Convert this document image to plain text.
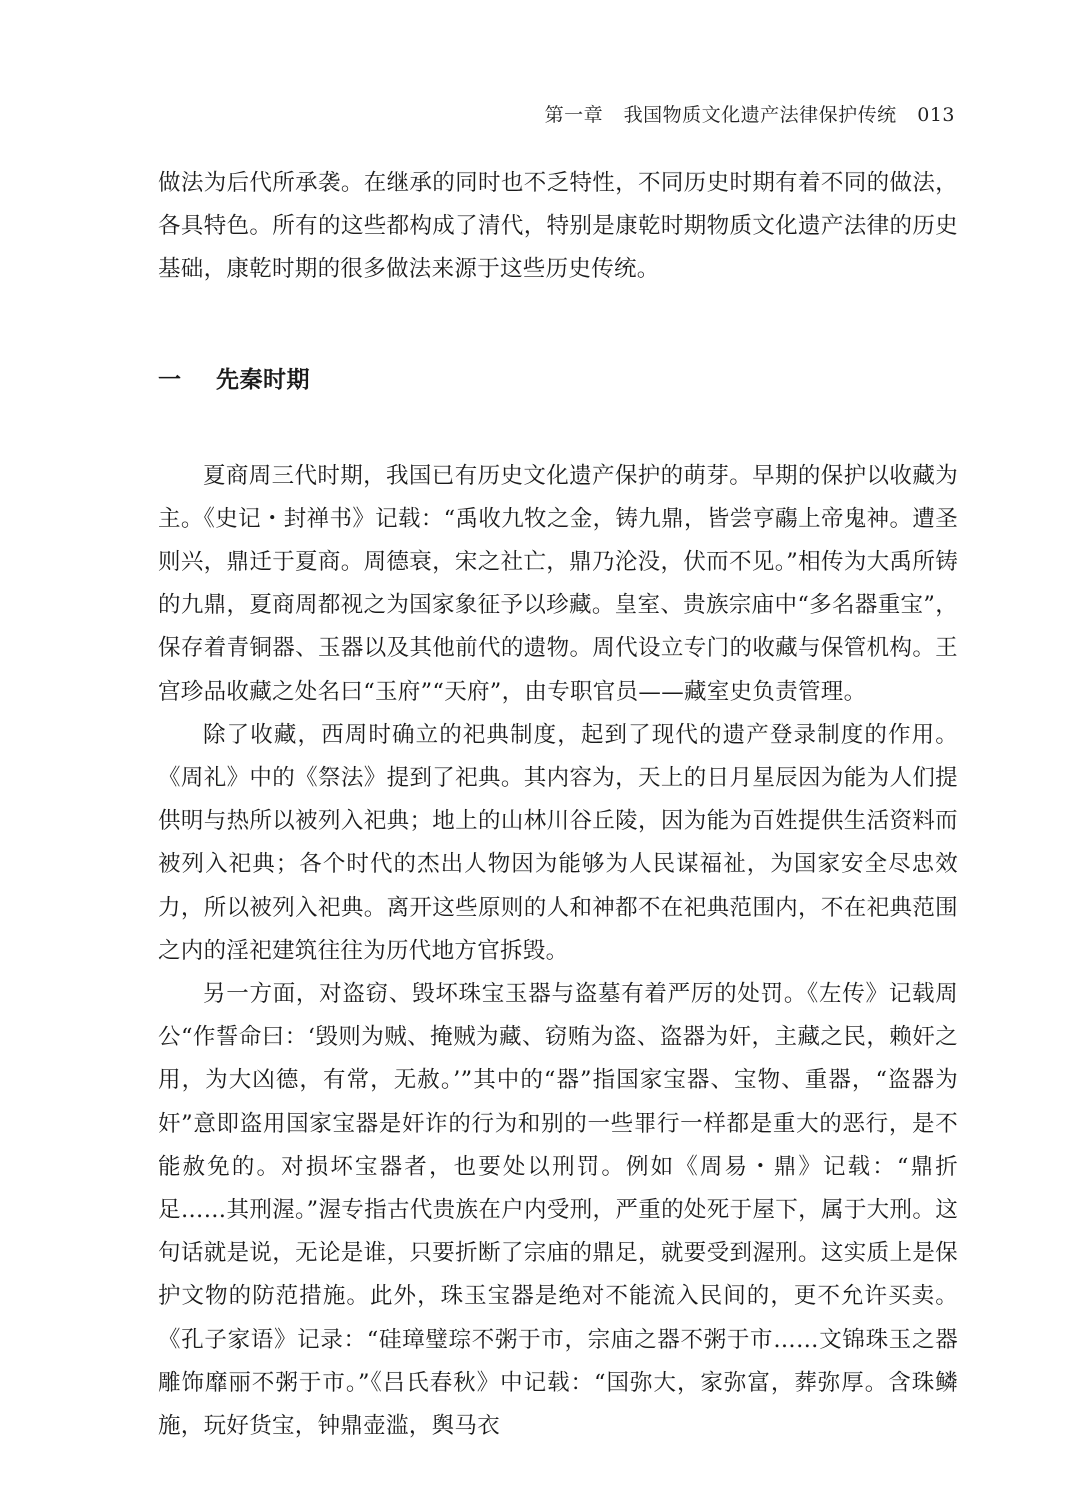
第一章 我国物质文化遗产法律保护传统 013

做法为后代所承袭。在继承的同时也不乏特性，不同历史时期有着不同的做法，各具特色。所有的这些都构成了清代，特别是康乾时期物质文化遗产法律的历史基础，康乾时期的很多做法来源于这些历史传统。

一 先秦时期

夏商周三代时期，我国已有历史文化遗产保护的萌芽。早期的保护以收藏为主。《史记・封禅书》记载：“禹收九牧之金，铸九鼎，皆尝亨鬺上帝鬼神。遭圣则兴，鼎迁于夏商。周德衰，宋之社亡，鼎乃沦没，伏而不见。”相传为大禹所铸的九鼎，夏商周都视之为国家象征予以珍藏。皇室、贵族宗庙中“多名器重宝”，保存着青铜器、玉器以及其他前代的遗物。周代设立专门的收藏与保管机构。王宫珍品收藏之处名曰“玉府”“天府”，由专职官员——藏室史负责管理。

除了收藏，西周时确立的祀典制度，起到了现代的遗产登录制度的作用。《周礼》中的《祭法》提到了祀典。其内容为，天上的日月星辰因为能为人们提供明与热所以被列入祀典；地上的山林川谷丘陵，因为能为百姓提供生活资料而被列入祀典；各个时代的杰出人物因为能够为人民谋福祉，为国家安全尽忠效力，所以被列入祀典。离开这些原则的人和神都不在祀典范围内，不在祀典范围之内的淫祀建筑往往为历代地方官拆毁。

另一方面，对盗窃、毁坏珠宝玉器与盗墓有着严厉的处罚。《左传》记载周公“作誓命曰：‘毁则为贼、掩贼为藏、窃贿为盗、盗器为奸，主藏之民，赖奸之用，为大凶德，有常，无赦。’”其中的“器”指国家宝器、宝物、重器，“盗器为奸”意即盗用国家宝器是奸诈的行为和别的一些罪行一样都是重大的恶行，是不能赦免的。对损坏宝器者，也要处以刑罚。例如《周易・鼎》记载：“鼎折足……其刑渥。”渥专指古代贵族在户内受刑，严重的处死于屋下，属于大刑。这句话就是说，无论是谁，只要折断了宗庙的鼎足，就要受到渥刑。这实质上是保护文物的防范措施。此外，珠玉宝器是绝对不能流入民间的，更不允许买卖。《孔子家语》记录：“硅璋璧琮不粥于市，宗庙之器不粥于市……文锦珠玉之器雕饰靡丽不粥于市。”《吕氏春秋》中记载：“国弥大，家弥富，葬弥厚。含珠鳞施，玩好货宝，钟鼎壶滥，舆马衣
